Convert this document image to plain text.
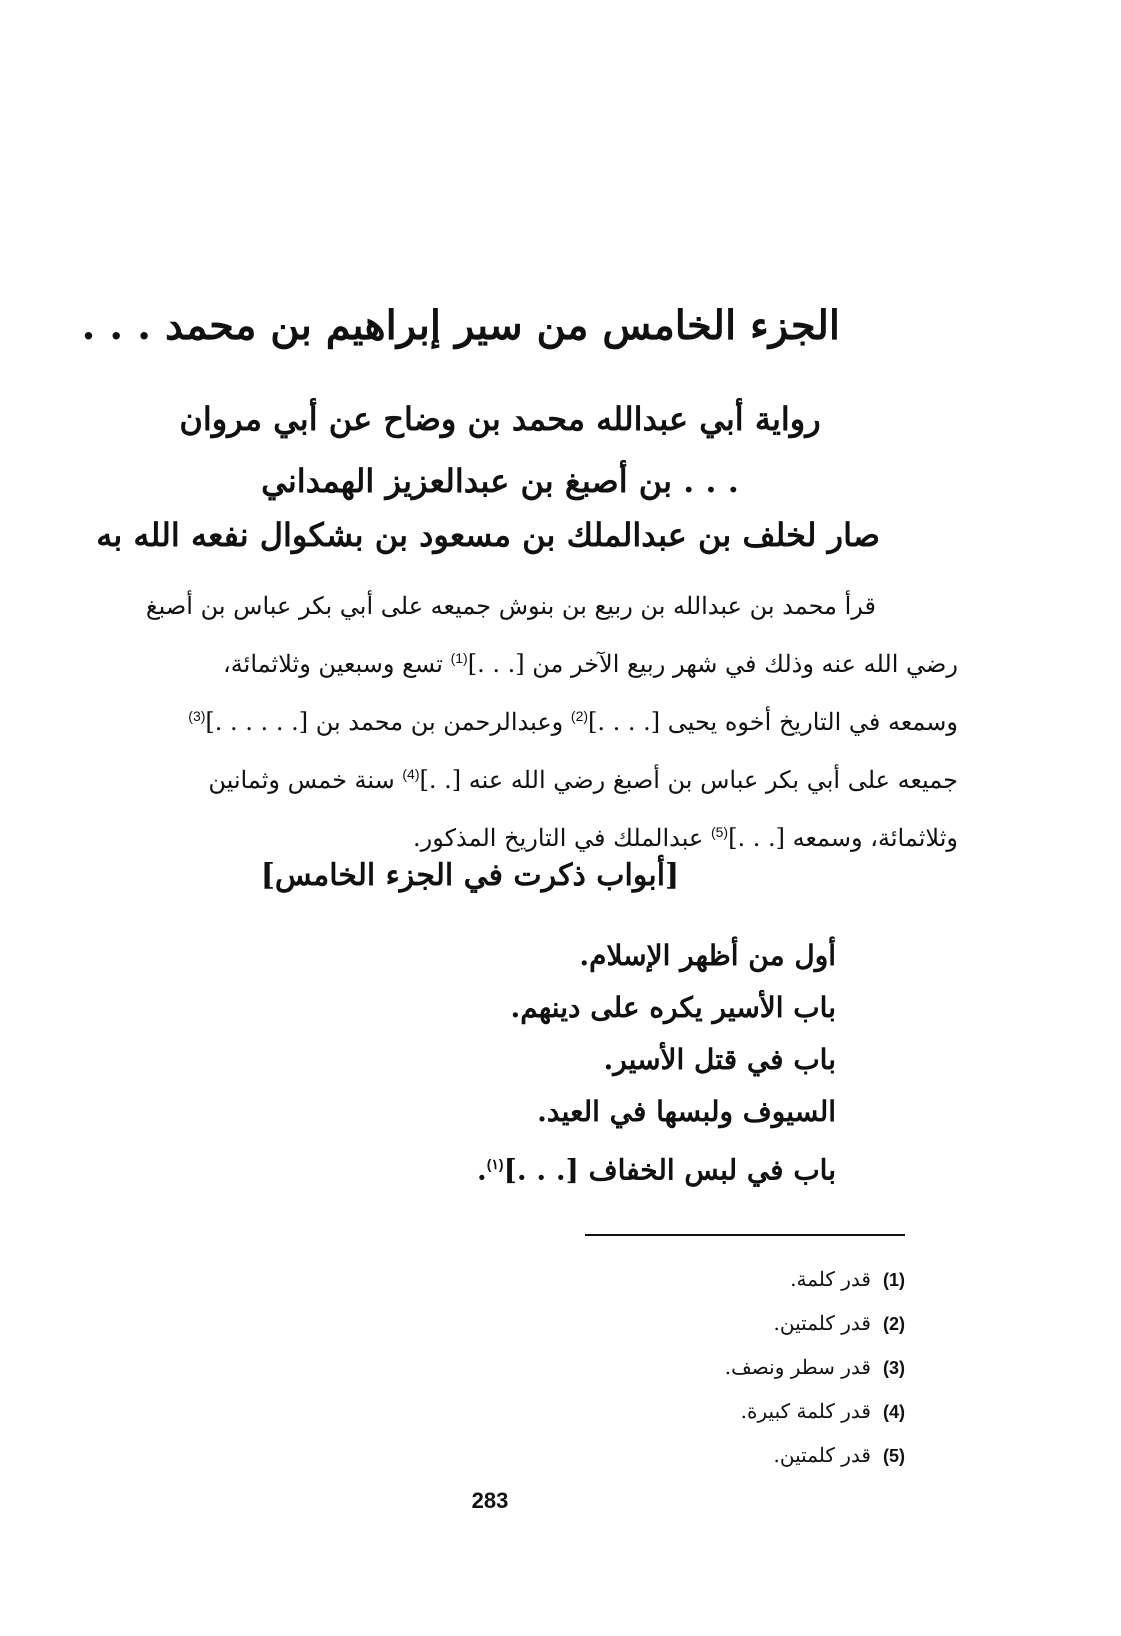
الجزء الخامس من سير إبراهيم بن محمد . . .
رواية أبي عبدالله محمد بن وضاح عن أبي مروان
. . . بن أصبغ بن عبدالعزيز الهمداني
صار لخلف بن عبدالملك بن مسعود بن بشكوال نفعه الله به
قرأ محمد بن عبدالله بن ربيع بن بنوش جميعه على أبي بكر عباس بن أصبغ
رضي الله عنه وذلك في شهر ربيع الآخر من [. . .]$^{(1)}$ تسع وسبعين وثلاثمائة،
وسمعه في التاريخ أخوه يحيى [. . . .]$^{(2)}$ وعبدالرحمن بن محمد بن [. . . . . .]$^{(3)}$
جميعه على أبي بكر عباس بن أصبغ رضي الله عنه [. .]$^{(4)}$ سنة خمس وثمانين
وثلاثمائة، وسمعه [. . .]$^{(5)}$ عبدالملك في التاريخ المذكور.
[أبواب ذكرت في الجزء الخامس]
أول من أظهر الإسلام.
باب الأسير يكره على دينهم.
باب في قتل الأسير.
السيوف ولبسها في العيد.
باب في لبس الخفاف [. . .]$^{(١)}$.
(1)قدر كلمة.
(2)قدر كلمتين.
(3)قدر سطر ونصف.
(4)قدر كلمة كبيرة.
(5)قدر كلمتين.
283
